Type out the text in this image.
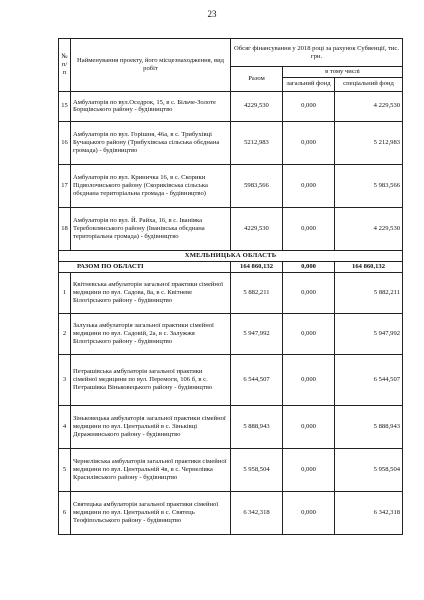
23
№ п/п	Найменування проекту, його місцезнаходження, вид робіт	Обсяг фінансування у 2018 році за рахунок Субвенції, тис. грн.		
		Разом	в тому числі	
			загальний фонд	спеціальний фонд
15	Амбулаторія по вул.Оседрок, 15, в с. Більче-Золоте Борщівського району - будівництво	4229,530	0,000	4 229,530
16	Амбулаторія по вул. Горішня, 46а, в с. Трибухівці Бучацького району (Трибухівська сільська обєднана громада) - будівництво	5212,983	0,000	5 212,983
17	Амбулаторія по вул. Криничка 16, в с. Скорики Підволочиського району (Скориківська сільська обєднана територіальна громада - будівництво)	5983,566	0,000	5 983,566
18	Амбулаторія по вул. Й. Райха, 16, в с. Іванівка Теребовлянського району (Іванівська обєднана територіальна громада) - будівництво	4229,530	0,000	4 229,530
ХМЕЛЬНИЦЬКА ОБЛАСТЬ				
РАЗОМ ПО ОБЛАСТІ		164 860,132	0,000	164 860,132
1	Квітневська амбулаторія загальної практики сімейної медицини по вул. Садова, 8а, в с. Квітневе Білогірського району - будівництво	5 882,211	0,000	5 882,211
2	Залузька амбулаторія загальної практики сімейної медицини по вул. Садовій, 2а, в с. Залужжя Білогірського району - будівництво	5 947,992	0,000	5 947,992
3	Петрашівська амбулаторія загальної практики сімейної медицини по вул. Перемоги, 106 б, в с. Петрашівка Віньковецького району - будівництво	6 544,507	0,000	6 544,507
4	Зіньковецька амбулаторія загальної практики сімейної медицини по вул. Центральній в с. Зіньківці Деражнянського району - будівництво	5 888,943	0,000	5 888,943
5	Чернелівська амбулаторія загальної практики сімейної медицини по вул. Центральній 4в, в с. Чернелівка Красилівського району - будівництво	5 958,504	0,000	5 958,504
6	Святецька амбулаторія загальної практики сімейної медицини по вул. Центральній в с. Святець Теофіпольського району - будівництво	6 342,318	0,000	6 342,318
